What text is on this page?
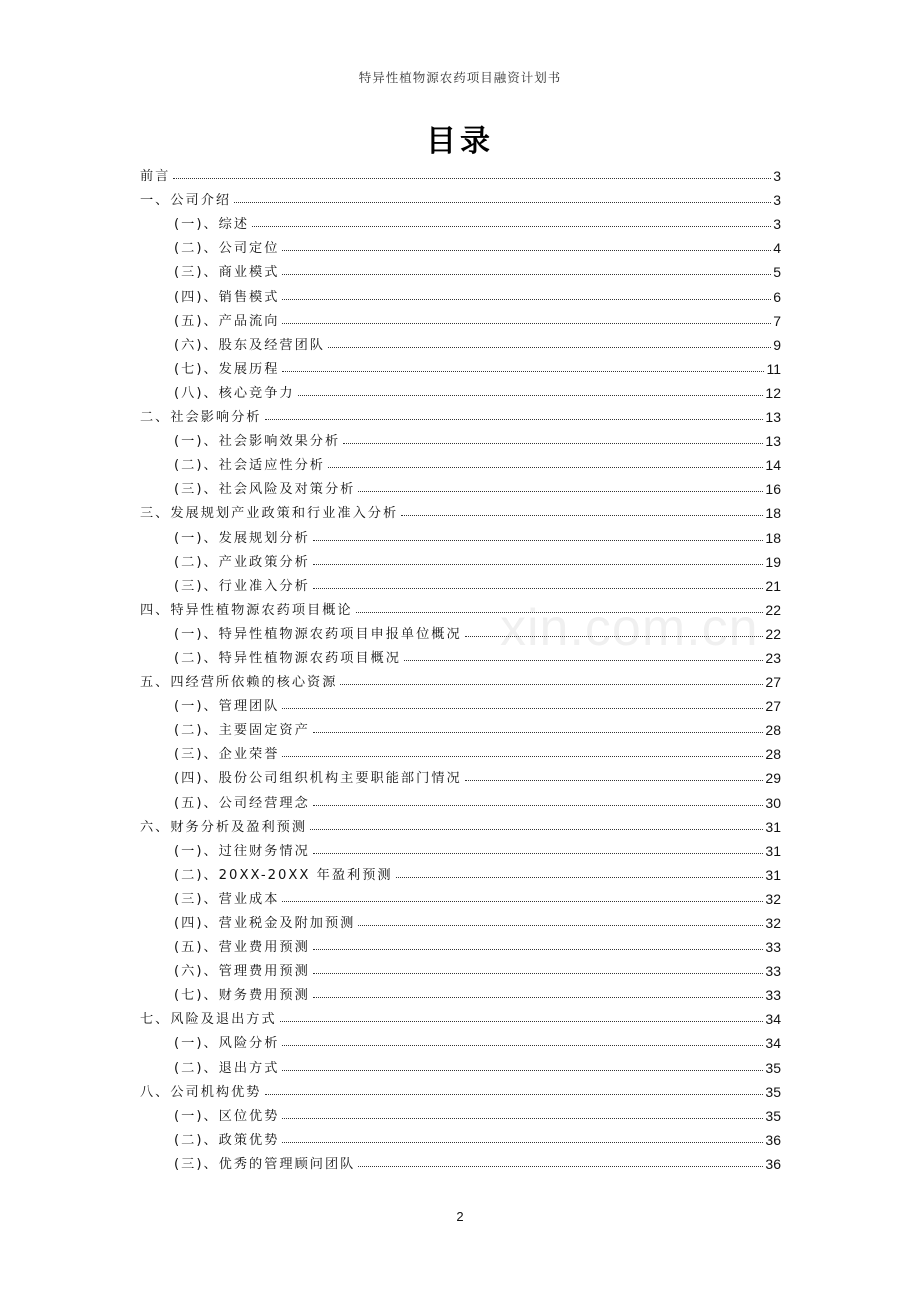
特异性植物源农药项目融资计划书
目录
前言	3
一、公司介绍	3
(一)、综述	3
(二)、公司定位	4
(三)、商业模式	5
(四)、销售模式	6
(五)、产品流向	7
(六)、股东及经营团队	9
(七)、发展历程	11
(八)、核心竞争力	12
二、社会影响分析	13
(一)、社会影响效果分析	13
(二)、社会适应性分析	14
(三)、社会风险及对策分析	16
三、发展规划产业政策和行业准入分析	18
(一)、发展规划分析	18
(二)、产业政策分析	19
(三)、行业准入分析	21
四、特异性植物源农药项目概论	22
(一)、特异性植物源农药项目申报单位概况	22
(二)、特异性植物源农药项目概况	23
五、四经营所依赖的核心资源	27
(一)、管理团队	27
(二)、主要固定资产	28
(三)、企业荣誉	28
(四)、股份公司组织机构主要职能部门情况	29
(五)、公司经营理念	30
六、财务分析及盈利预测	31
(一)、过往财务情况	31
(二)、20XX-20XX 年盈利预测	31
(三)、营业成本	32
(四)、营业税金及附加预测	32
(五)、营业费用预测	33
(六)、管理费用预测	33
(七)、财务费用预测	33
七、风险及退出方式	34
(一)、风险分析	34
(二)、退出方式	35
八、公司机构优势	35
(一)、区位优势	35
(二)、政策优势	36
(三)、优秀的管理顾问团队	36
xin.com.cn
2
